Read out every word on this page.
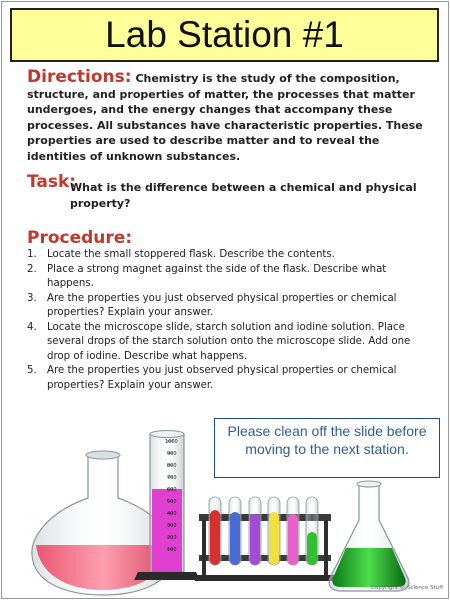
Lab Station #1
Directions: Chemistry is the study of the composition, structure, and properties of matter, the processes that matter undergoes, and the energy changes that accompany these processes. All substances have characteristic properties. These properties are used to describe matter and to reveal the identities of unknown substances.
Task:
What is the difference between a chemical and physical property?
Procedure:
1. Locate the small stoppered flask. Describe the contents.
2. Place a strong magnet against the side of the flask. Describe what happens.
3. Are the properties you just observed physical properties or chemical properties? Explain your answer.
4. Locate the microscope slide, starch solution and iodine solution. Place several drops of the starch solution onto the microscope slide. Add one drop of iodine. Describe what happens.
5. Are the properties you just observed physical properties or chemical properties? Explain your answer.
Please clean off the slide before moving to the next station.
1000
900
800
700
600
500
400
300
200
100
Copyright © Science Stuff
